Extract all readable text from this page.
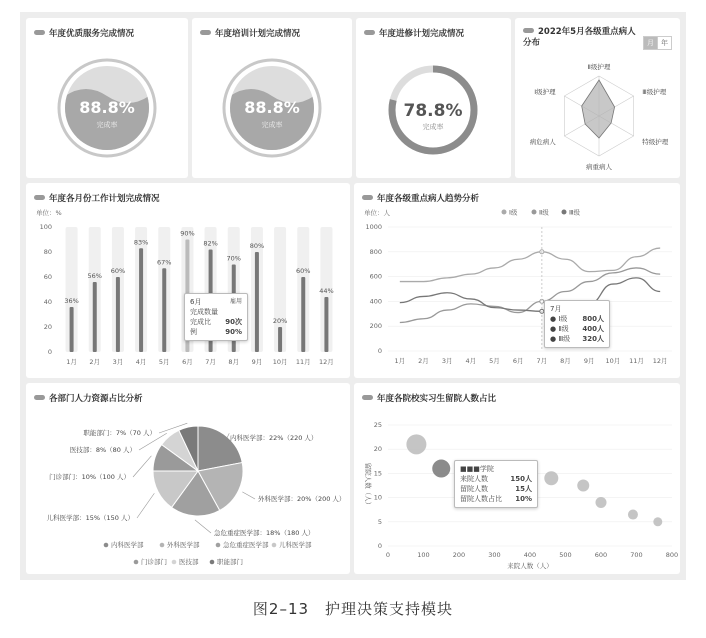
年度优质服务完成情况
88.8%
完成率
年度培训计划完成情况
88.8%
完成率
年度进修计划完成情况
78.8%
完成率
2022年5月各级重点病人分布	月	年
Ⅱ级护理
Ⅲ级护理
特级护理
病重病人
病危病人
Ⅰ级护理
年度各月份工作计划完成情况
单位：%
0
20
40
60
80
100
36%
1月
56%
2月
60%
3月
83%
4月
67%
5月
90%
6月
82%
7月
70%
8月
80%
9月
20%
10月
60%
11月
44%
12月
6月	雇用
完成数量
90次
完成比例	90%
年度各级重点病人趋势分析
单位：人
0
200
400
600
800
1000
1月 2月 3月 4月 5月 6月 7月 8月 9月 10月 11月 12月
Ⅰ级	Ⅱ级	Ⅲ级
7月
● Ⅰ级 800人
● Ⅱ级 400人
● Ⅲ级 320人
各部门人力资源占比分析
内科医学部：22%（220 人）
内科医学部
外科医学部：20%（200 人）
外科医学部
急危重症医学部：18%（180 人）
急危重症医学部
儿科医学部：15%（150 人）
儿科医学部
门诊部门：10%（100 人）
门诊部门
医技部：8%（80 人）
医技部
职能部门：7%（70 人）
职能部门
年度各院校实习生留院人数占比
0
5
10
15
20
25
0	100	200	300	400	500	600	700	800
来院人数（人）
留院人数（人）	■■■学院
来院人数	150人
留院人数	15人
留院人数占比 10%
图2–13　护理决策支持模块
